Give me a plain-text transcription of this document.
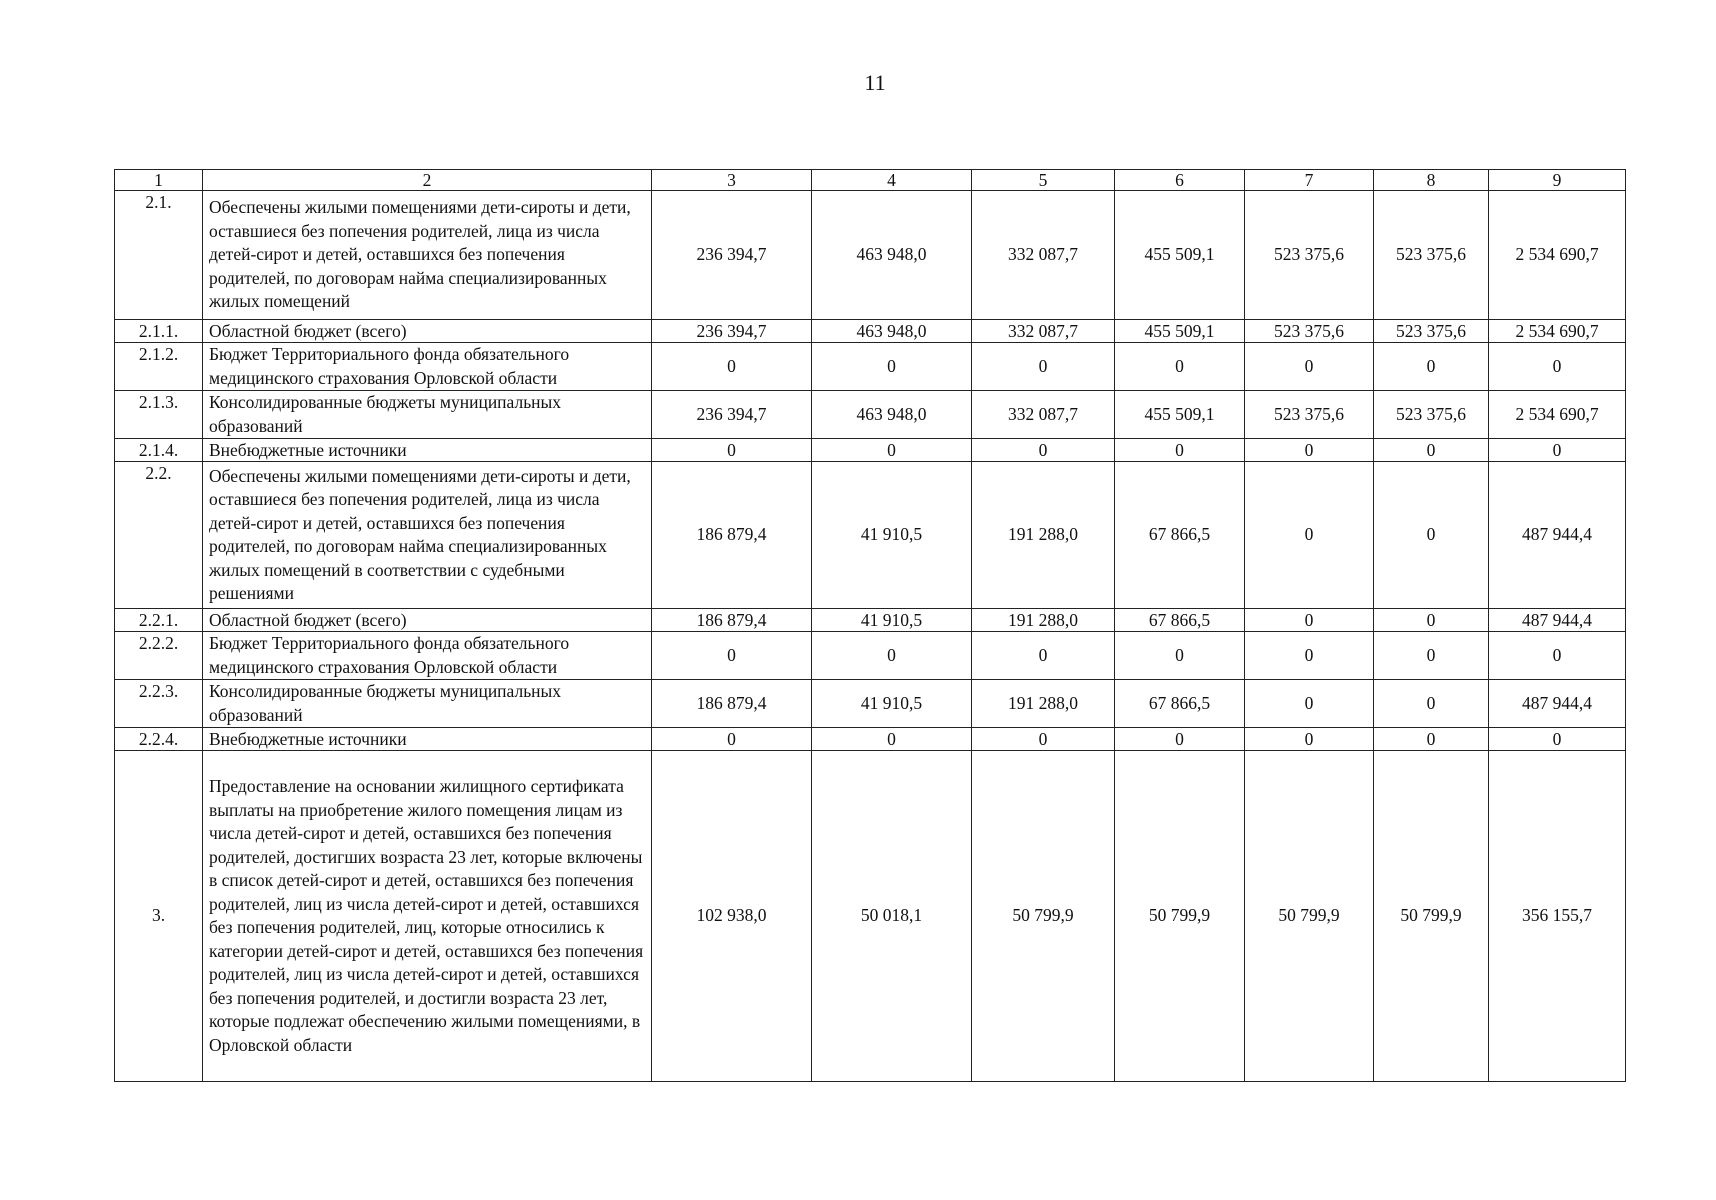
11
1	2	3	4	5	6	7	8	9
2.1.	Обеспечены жилыми помещениями дети-сироты и дети, оставшиеся без попечения родителей, лица из числа детей-сирот и детей, оставшихся без попечения родителей, по договорам найма специализированных жилых помещений	236 394,7	463 948,0	332 087,7	455 509,1	523 375,6	523 375,6	2 534 690,7
2.1.1.	Областной бюджет (всего)	236 394,7	463 948,0	332 087,7	455 509,1	523 375,6	523 375,6	2 534 690,7
2.1.2.	Бюджет Территориального фонда обязательного медицинского страхования Орловской области	0	0	0	0	0	0	0
2.1.3.	Консолидированные бюджеты муниципальных образований	236 394,7	463 948,0	332 087,7	455 509,1	523 375,6	523 375,6	2 534 690,7
2.1.4.	Внебюджетные источники	0	0	0	0	0	0	0
2.2.	Обеспечены жилыми помещениями дети-сироты и дети, оставшиеся без попечения родителей, лица из числа детей-сирот и детей, оставшихся без попечения родителей, по договорам найма специализированных жилых помещений в соответствии с судебными решениями	186 879,4	41 910,5	191 288,0	67 866,5	0	0	487 944,4
2.2.1.	Областной бюджет (всего)	186 879,4	41 910,5	191 288,0	67 866,5	0	0	487 944,4
2.2.2.	Бюджет Территориального фонда обязательного медицинского страхования Орловской области	0	0	0	0	0	0	0
2.2.3.	Консолидированные бюджеты муниципальных образований	186 879,4	41 910,5	191 288,0	67 866,5	0	0	487 944,4
2.2.4.	Внебюджетные источники	0	0	0	0	0	0	0
3.	Предоставление на основании жилищного сертификата выплаты на приобретение жилого помещения лицам из числа детей-сирот и детей, оставшихся без попечения родителей, достигших возраста 23 лет, которые включены в список детей-сирот и детей, оставшихся без попечения родителей, лиц из числа детей-сирот и детей, оставшихся без попечения родителей, лиц, которые относились к категории детей-сирот и детей, оставшихся без попечения родителей, лиц из числа детей-сирот и детей, оставшихся без попечения родителей, и достигли возраста 23 лет, которые подлежат обеспечению жилыми помещениями, в Орловской области	102 938,0	50 018,1	50 799,9	50 799,9	50 799,9	50 799,9	356 155,7
